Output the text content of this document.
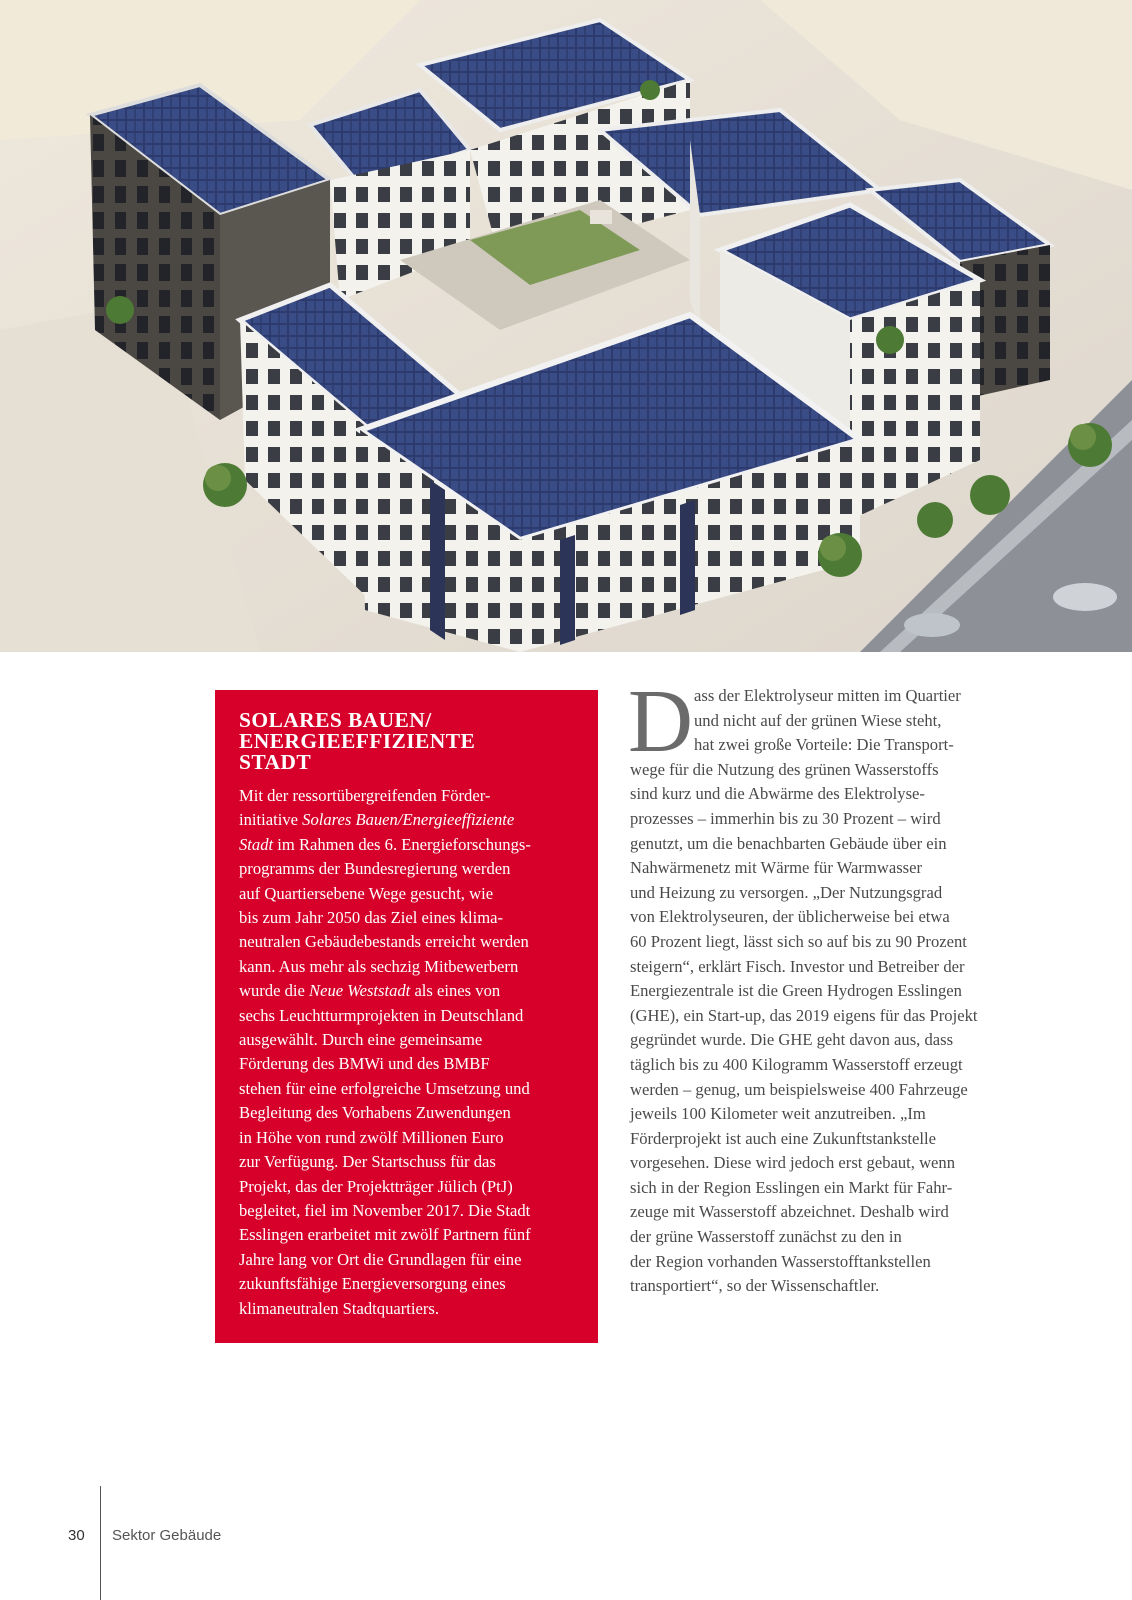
SOLARES BAUEN/
ENERGIEEFFIZIENTE
STADT
Mit der ressortübergreifenden Förder-
initiative Solares Bauen/Energieeffiziente
Stadt im Rahmen des 6. Energieforschungs-
programms der Bundesregierung werden
auf Quartiersebene Wege gesucht, wie
bis zum Jahr 2050 das Ziel eines klima-
neutralen Gebäudebestands erreicht werden
kann. Aus mehr als sechzig Mitbewerbern
wurde die Neue Weststadt als eines von
sechs Leuchtturmprojekten in Deutschland
ausgewählt. Durch eine gemeinsame
Förderung des BMWi und des BMBF
stehen für eine erfolgreiche Umsetzung und
Begleitung des Vorhabens Zuwendungen
in Höhe von rund zwölf Millionen Euro
zur Verfügung. Der Startschuss für das
Projekt, das der Projektträger Jülich (PtJ)
begleitet, fiel im November 2017. Die Stadt
Esslingen erarbeitet mit zwölf Partnern fünf
Jahre lang vor Ort die Grundlagen für eine
zukunftsfähige Energieversorgung eines
klimaneutralen Stadtquartiers.
D ass der Elektrolyseur mitten im Quartier
und nicht auf der grünen Wiese steht,
hat zwei große Vorteile: Die Transport-
wege für die Nutzung des grünen Wasserstoffs
sind kurz und die Abwärme des Elektrolyse-
prozesses – immerhin bis zu 30 Prozent – wird
genutzt, um die benachbarten Gebäude über ein
Nahwärmenetz mit Wärme für Warmwasser
und Heizung zu versorgen. „Der Nutzungsgrad
von Elektrolyseuren, der üblicherweise bei etwa
60 Prozent liegt, lässt sich so auf bis zu 90 Prozent
steigern“, erklärt Fisch. Investor und Betreiber der
Energiezentrale ist die Green Hydrogen Esslingen
(GHE), ein Start-up, das 2019 eigens für das Projekt
gegründet wurde. Die GHE geht davon aus, dass
täglich bis zu 400 Kilogramm Wasserstoff erzeugt
werden – genug, um beispielsweise 400 Fahrzeuge
jeweils 100 Kilometer weit anzutreiben. „Im
Förderprojekt ist auch eine Zukunftstankstelle
vorgesehen. Diese wird jedoch erst gebaut, wenn
sich in der Region Esslingen ein Markt für Fahr-
zeuge mit Wasserstoff abzeichnet. Deshalb wird
der grüne Wasserstoff zunächst zu den in
der Region vorhanden Wasserstofftankstellen
transportiert“, so der Wissenschaftler.
30 Sektor Gebäude
